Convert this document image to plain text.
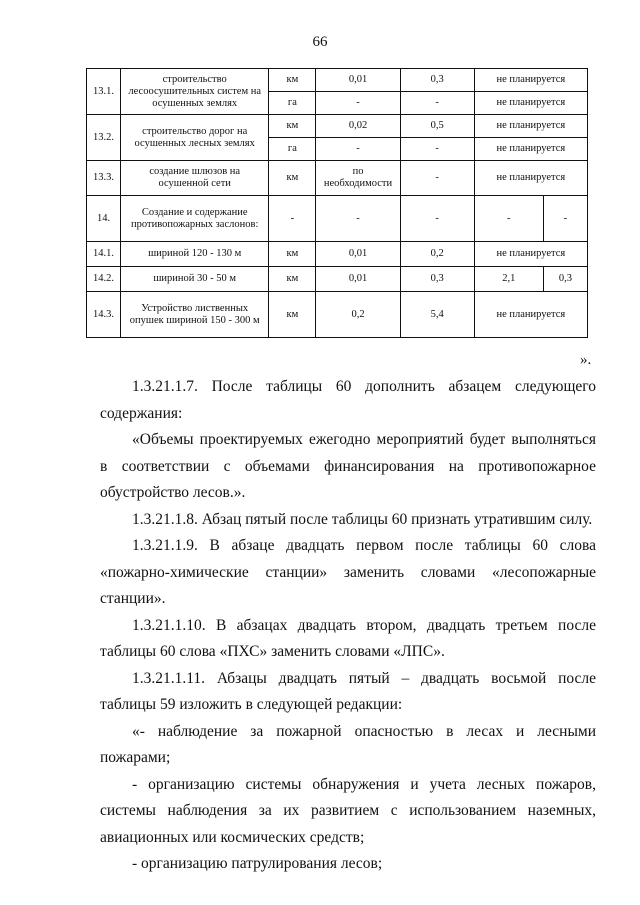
66
13.1.	строительство лесоосушительных систем на осушенных землях	км	0,01	0,3	не планируется	
		га	-	-	не планируется	
13.2.	строительство дорог на осушенных лесных землях	км	0,02	0,5	не планируется	
		га	-	-	не планируется	
13.3.	создание шлюзов на осушенной сети	км	по необходимости	-	не планируется	
14.	Создание и содержание противопожарных заслонов:	-	-	-	-	-
14.1.	шириной 120 - 130 м	км	0,01	0,2	не планируется	
14.2.	шириной 30 - 50 м	км	0,01	0,3	2,1	0,3
14.3.	Устройство лиственных опушек шириной 150 - 300 м	км	0,2	5,4	не планируется	
».
1.3.21.1.7. После таблицы 60 дополнить абзацем следующего содержания:
«Объемы проектируемых ежегодно мероприятий будет выполняться в соответствии с объемами финансирования на противопожарное обустройство лесов.».
1.3.21.1.8. Абзац пятый после таблицы 60 признать утратившим силу.
1.3.21.1.9. В абзаце двадцать первом после таблицы 60 слова «пожарно-химические станции» заменить словами «лесопожарные станции».
1.3.21.1.10. В абзацах двадцать втором, двадцать третьем после таблицы 60 слова «ПХС» заменить словами «ЛПС».
1.3.21.1.11. Абзацы двадцать пятый – двадцать восьмой после таблицы 59 изложить в следующей редакции:
«- наблюдение за пожарной опасностью в лесах и лесными пожарами;
- организацию системы обнаружения и учета лесных пожаров, системы наблюдения за их развитием с использованием наземных, авиационных или космических средств;
- организацию патрулирования лесов;
